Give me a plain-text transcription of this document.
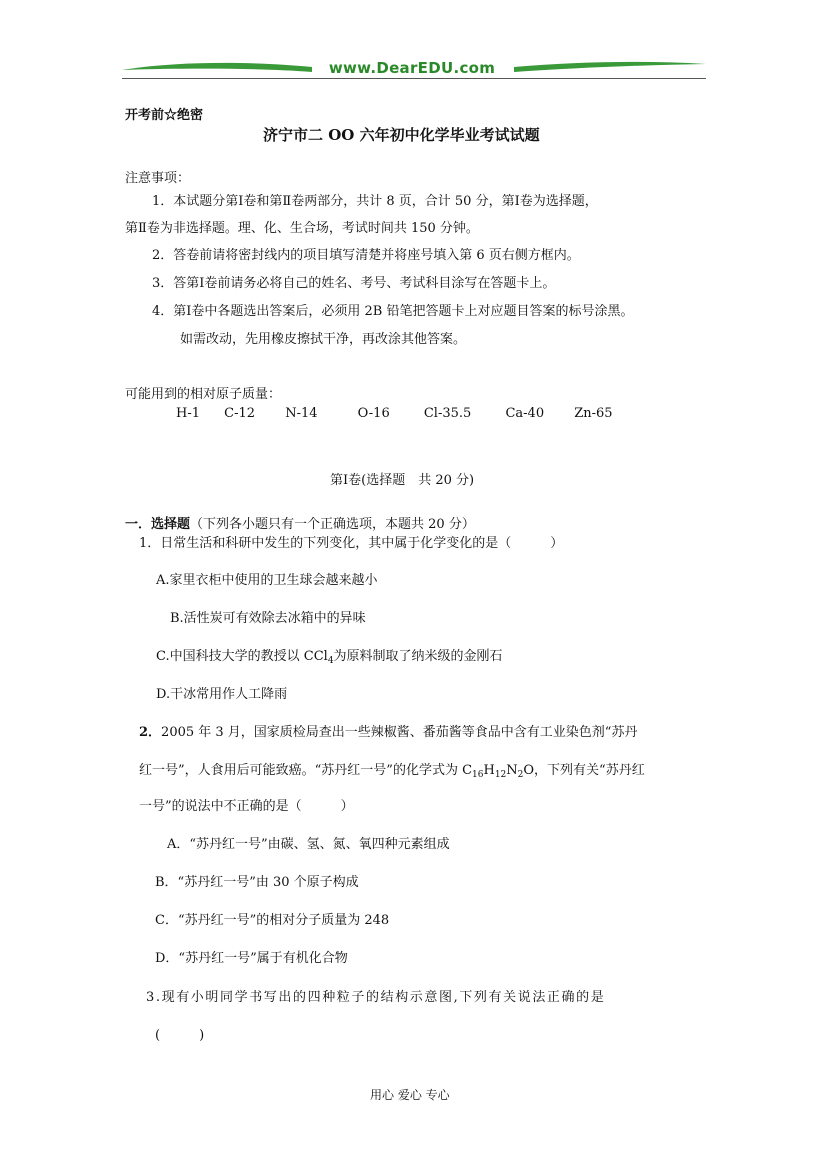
www.DearEDU.com
开考前☆绝密
济宁市二 OO 六年初中化学毕业考试试题
注意事项：
1．本试题分第Ⅰ卷和第Ⅱ卷两部分，共计 8 页，合计 50 分，第Ⅰ卷为选择题，
第Ⅱ卷为非选择题。理、化、生合场，考试时间共 150 分钟。
2．答卷前请将密封线内的项目填写清楚并将座号填入第 6 页右侧方框内。
3．答第Ⅰ卷前请务必将自己的姓名、考号、考试科目涂写在答题卡上。
4．第Ⅰ卷中各题选出答案后，必须用 2B 铅笔把答题卡上对应题目答案的标号涂黑。
如需改动，先用橡皮擦拭干净，再改涂其他答案。
可能用到的相对原子质量：
H-1 C-12 N-14	O-16	Cl-35.5	Ca-40 Zn-65
第Ⅰ卷(选择题　共 20 分)
一．选择题（下列各小题只有一个正确选项，本题共 20 分）
1．日常生活和科研中发生的下列变化，其中属于化学变化的是（　　　）
A.家里衣柜中使用的卫生球会越来越小
B.活性炭可有效除去冰箱中的异味
C.中国科技大学的教授以 CCl$_4$为原料制取了纳米级的金刚石
D.干冰常用作人工降雨
2．2005 年 3 月，国家质检局查出一些辣椒酱、番茄酱等食品中含有工业染色剂“苏丹
红一号”，人食用后可能致癌。“苏丹红一号”的化学式为 $C_{16}H_{12}N_2O$，下列有关“苏丹红
一号”的说法中不正确的是（　　　）
A．“苏丹红一号”由碳、氢、氮、氧四种元素组成
B．“苏丹红一号”由 30 个原子构成
C．“苏丹红一号”的相对分子质量为 248
D．“苏丹红一号”属于有机化合物
3.现有小明同学书写出的四种粒子的结构示意图,下列有关说法正确的是
(　　　)
用心 爱心 专心
